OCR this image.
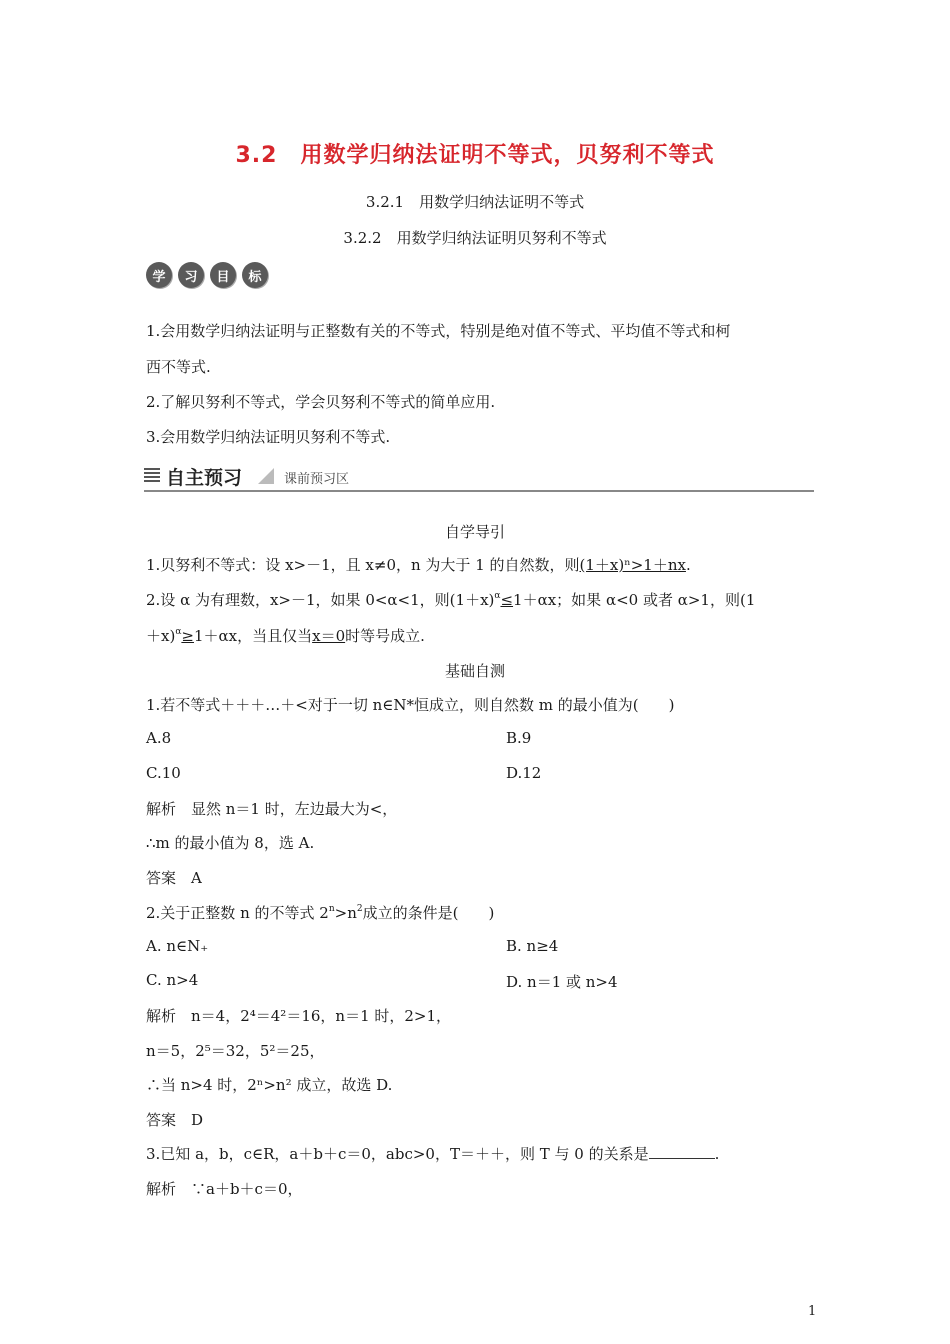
3.2　用数学归纳法证明不等式，贝努利不等式
3.2.1　用数学归纳法证明不等式
3.2.2　用数学归纳法证明贝努利不等式
学	习	目	标
1.会用数学归纳法证明与正整数有关的不等式，特别是绝对值不等式、平均值不等式和柯
西不等式.
2.了解贝努利不等式，学会贝努利不等式的简单应用.
3.会用数学归纳法证明贝努利不等式.
自主预习	课前预习区
自学导引
1.贝努利不等式：设 x>－1，且 x≠0，n 为大于 1 的自然数，则(1＋x)ⁿ>1＋nx.
2.设 α 为有理数，x>－1，如果 0<α<1，则$(1+x)^\alpha\le 1+\alpha x$；如果 α<0 或者 α>1，则(1
＋x)$^\alpha$≥1＋αx，当且仅当x＝0时等号成立.
基础自测
1.若不等式＋＋＋…＋<对于一切 n∈N*恒成立，则自然数 m 的最小值为(　　)
A.8	B.9
C.10	D.12
解析　显然 n＝1 时，左边最大为<，
∴m 的最小值为 8，选 A.
答案　A
2.关于正整数 n 的不等式 $2^n>n^2$成立的条件是(　　)
A. n∈N₊	B. n≥4
C. n>4	D. n＝1 或 n>4
解析　n＝4，2⁴＝4²＝16，n＝1 时，2>1，
n＝5，2⁵＝32，5²＝25，
∴当 n>4 时，2ⁿ>n² 成立，故选 D.
答案　D
3.已知 a，b，c∈R，a＋b＋c＝0，abc>0，T＝＋＋，则 T 与 0 的关系是	.
解析　∵a＋b＋c＝0，
1
